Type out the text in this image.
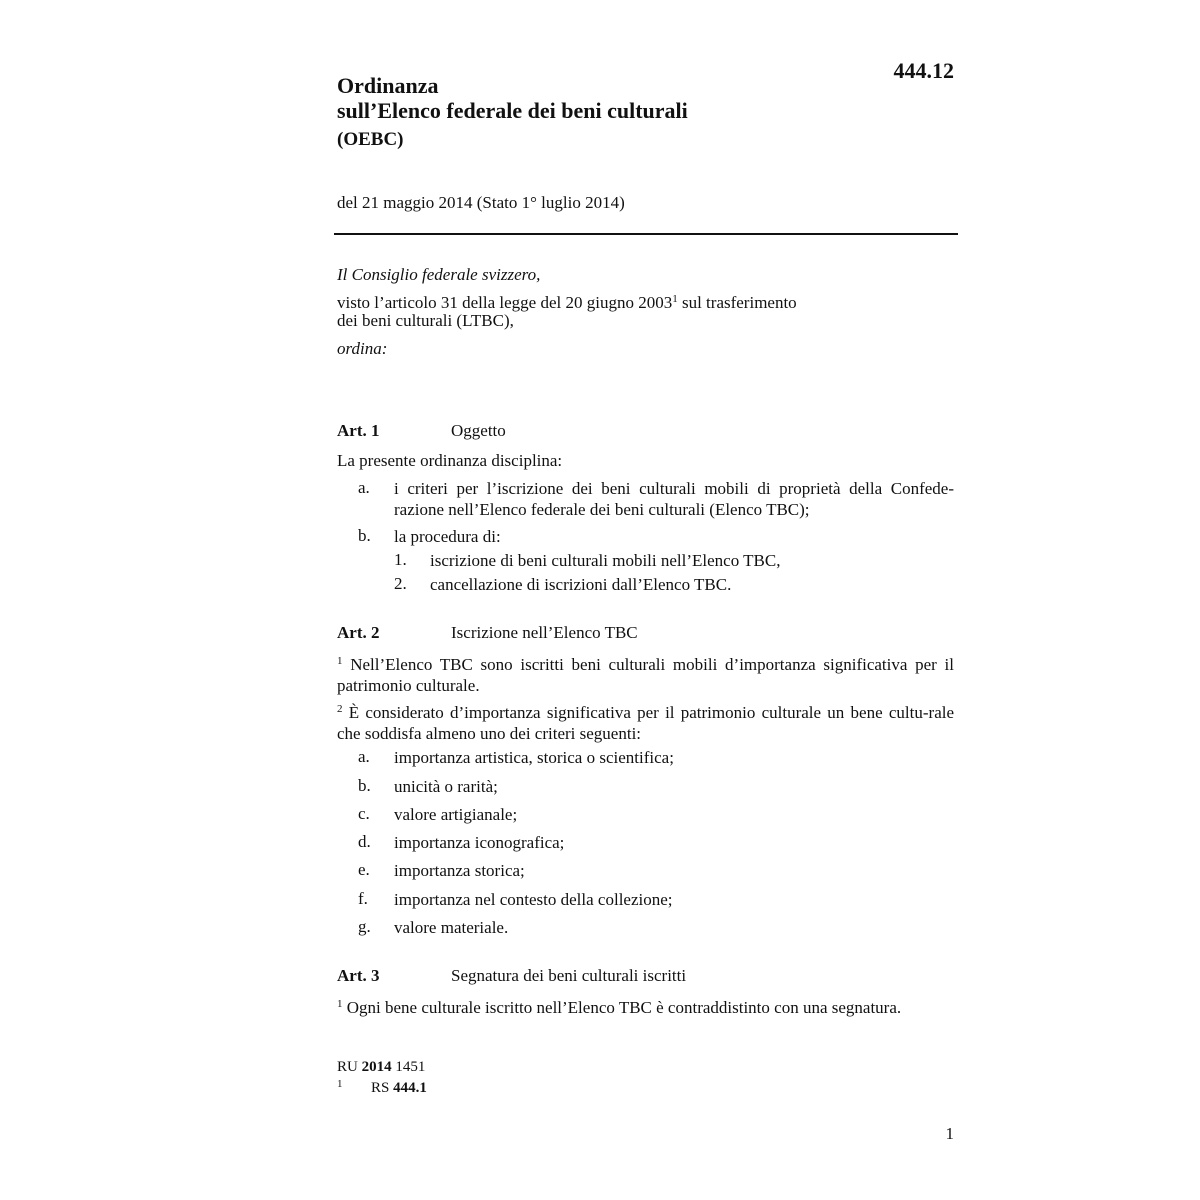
444.12
Ordinanza
sull’Elenco federale dei beni culturali
(OEBC)
del 21 maggio 2014 (Stato 1° luglio 2014)
Il Consiglio federale svizzero,
visto l’articolo 31 della legge del 20 giugno 2003$^1$ sul trasferimento
dei beni culturali (LTBC),
ordina:
Art. 1	Oggetto
La presente ordinanza disciplina:
a. i criteri per l’iscrizione dei beni culturali mobili di proprietà della Confede-razione nell’Elenco federale dei beni culturali (Elenco TBC);
b. la procedura di:
1. iscrizione di beni culturali mobili nell’Elenco TBC,
2. cancellazione di iscrizioni dall’Elenco TBC.
Art. 2	Iscrizione nell’Elenco TBC
$^1$ Nell’Elenco TBC sono iscritti beni culturali mobili d’importanza significativa per il patrimonio culturale.
$^2$ È considerato d’importanza significativa per il patrimonio culturale un bene cultu-rale che soddisfa almeno uno dei criteri seguenti:
a. importanza artistica, storica o scientifica;
b. unicità o rarità;
c. valore artigianale;
d. importanza iconografica;
e. importanza storica;
f. importanza nel contesto della collezione;
g. valore materiale.
Art. 3	Segnatura dei beni culturali iscritti
$^1$ Ogni bene culturale iscritto nell’Elenco TBC è contraddistinto con una segnatura.
RU 2014 1451
1 RS 444.1
1
